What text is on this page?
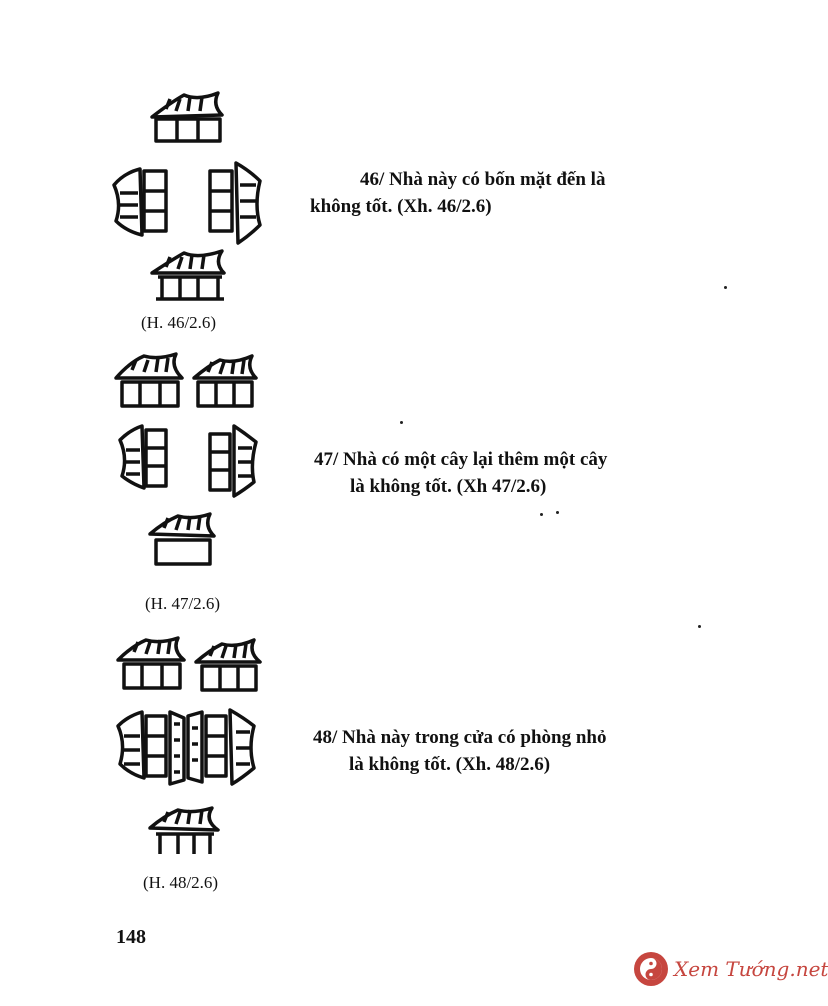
(H. 46/2.6)
46/ Nhà này có bốn mặt đến là
không tốt. (Xh. 46/2.6)
(H. 47/2.6)
47/ Nhà có một cây lại thêm một cây
là không tốt. (Xh 47/2.6)
(H. 48/2.6)
48/ Nhà này trong cửa có phòng nhỏ
là không tốt. (Xh. 48/2.6)
148
Xem Tướng.net
